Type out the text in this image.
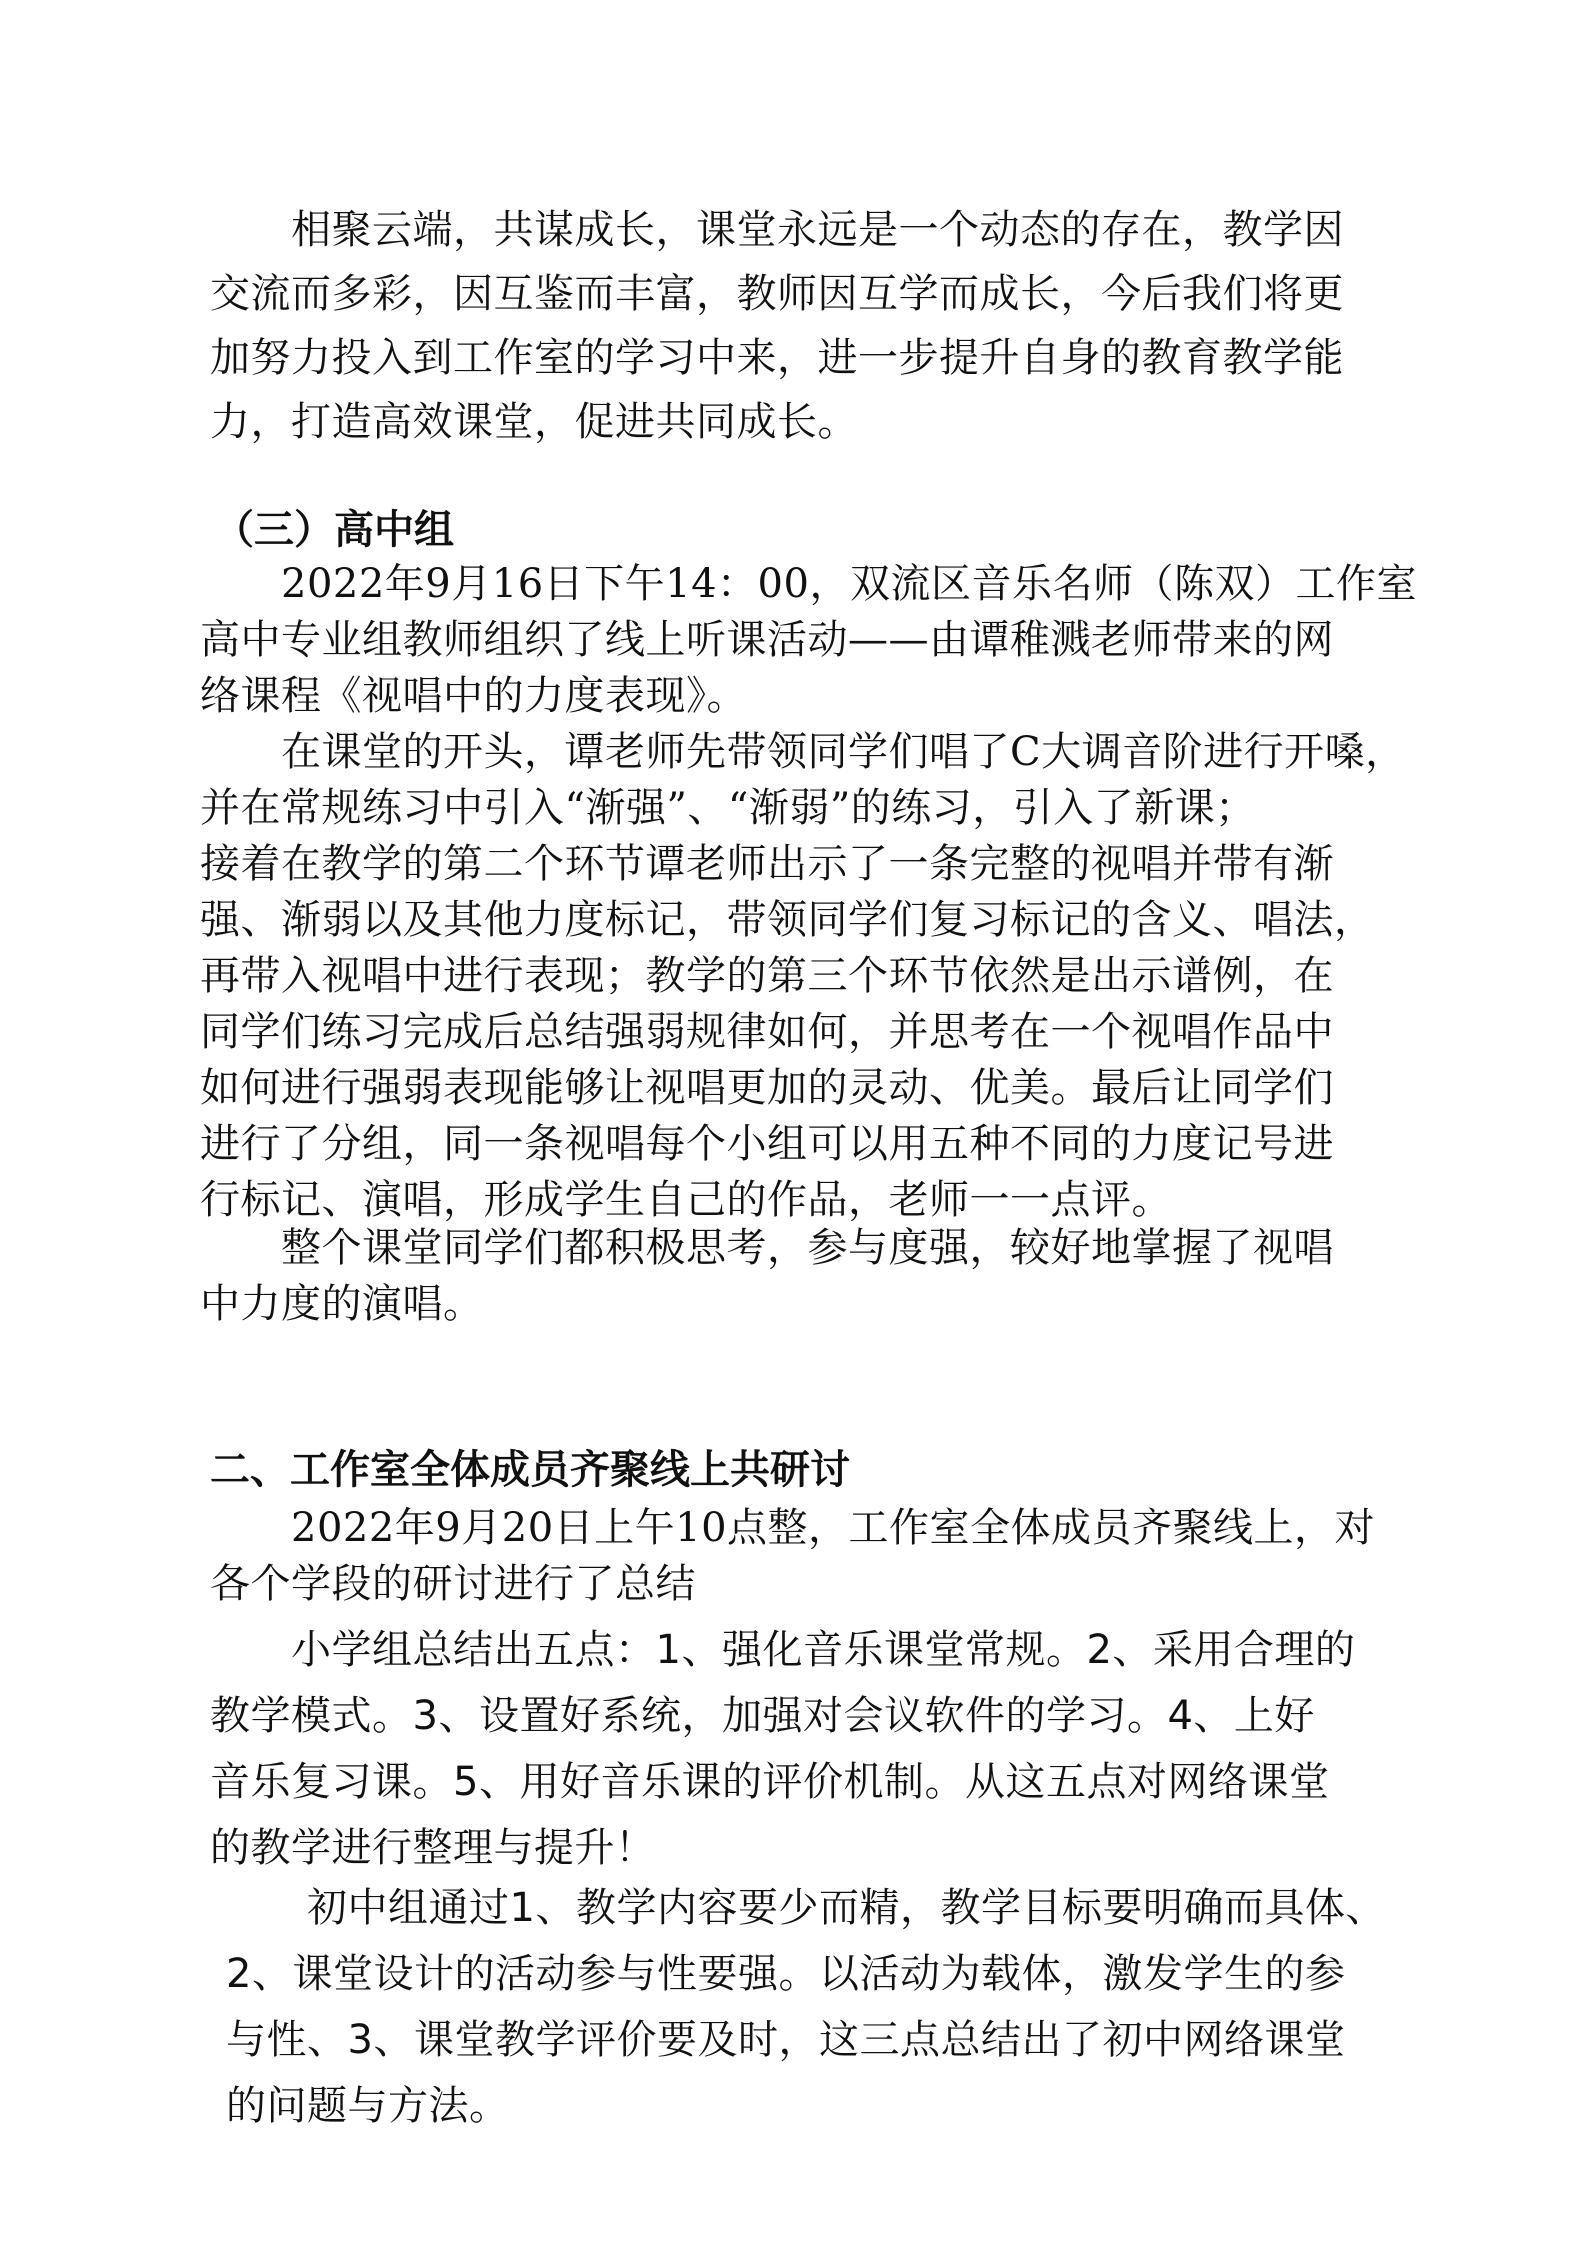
　　相聚云端，共谋成长，课堂永远是一个动态的存在，教学因
交流而多彩，因互鉴而丰富，教师因互学而成长，今后我们将更
加努力投入到工作室的学习中来，进一步提升自身的教育教学能
力，打造高效课堂，促进共同成长。

（三）高中组

　　2022年9月16日下午14：00，双流区音乐名师（陈双）工作室
高中专业组教师组织了线上听课活动——由谭稚溅老师带来的网
络课程《视唱中的力度表现》。

　　在课堂的开头，谭老师先带领同学们唱了C大调音阶进行开嗓，
并在常规练习中引入“渐强”、“渐弱”的练习，引入了新课；
接着在教学的第二个环节谭老师出示了一条完整的视唱并带有渐
强、渐弱以及其他力度标记，带领同学们复习标记的含义、唱法，
再带入视唱中进行表现；教学的第三个环节依然是出示谱例，在
同学们练习完成后总结强弱规律如何，并思考在一个视唱作品中
如何进行强弱表现能够让视唱更加的灵动、优美。最后让同学们
进行了分组，同一条视唱每个小组可以用五种不同的力度记号进
行标记、演唱，形成学生自己的作品，老师一一点评。

　　整个课堂同学们都积极思考，参与度强，较好地掌握了视唱
中力度的演唱。

二、工作室全体成员齐聚线上共研讨

　　2022年9月20日上午10点整，工作室全体成员齐聚线上，对
各个学段的研讨进行了总结

　　小学组总结出五点：1、强化音乐课堂常规。2、采用合理的
教学模式。3、设置好系统，加强对会议软件的学习。4、上好
音乐复习课。5、用好音乐课的评价机制。从这五点对网络课堂
的教学进行整理与提升！

　　初中组通过1、教学内容要少而精，教学目标要明确而具体、
2、课堂设计的活动参与性要强。以活动为载体，激发学生的参
与性、3、课堂教学评价要及时，这三点总结出了初中网络课堂
的问题与方法。
